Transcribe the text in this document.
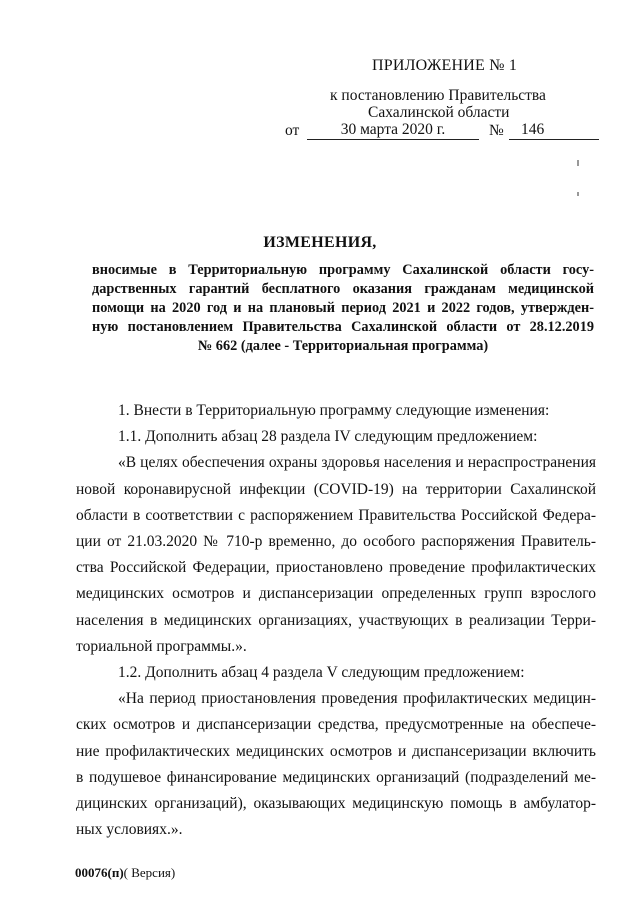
ПРИЛОЖЕНИЕ № 1
к постановлению Правительства
Сахалинской области
от	30 марта 2020 г.	№	146
ИЗМЕНЕНИЯ,
вносимые в Территориальную программу Сахалинской области госу-
дарственных гарантий бесплатного оказания гражданам медицинской
помощи на 2020 год и на плановый период 2021 и 2022 годов, утвержден-
ную постановлением Правительства Сахалинской области от 28.12.2019
№ 662 (далее - Территориальная программа)
1. Внести в Территориальную программу следующие изменения:
1.1. Дополнить абзац 28 раздела IV следующим предложением:
«В целях обеспечения охраны здоровья населения и нераспространения
новой коронавирусной инфекции (COVID-19) на территории Сахалинской
области в соответствии с распоряжением Правительства Российской Федера-
ции от 21.03.2020 № 710-р временно, до особого распоряжения Правитель-
ства Российской Федерации, приостановлено проведение профилактических
медицинских осмотров и диспансеризации определенных групп взрослого
населения в медицинских организациях, участвующих в реализации Терри-
ториальной программы.».
1.2. Дополнить абзац 4 раздела V следующим предложением:
«На период приостановления проведения профилактических медицин-
ских осмотров и диспансеризации средства, предусмотренные на обеспече-
ние профилактических медицинских осмотров и диспансеризации включить
в подушевое финансирование медицинских организаций (подразделений ме-
дицинских организаций), оказывающих медицинскую помощь в амбулатор-
ных условиях.».
00076(п)( Версия)
